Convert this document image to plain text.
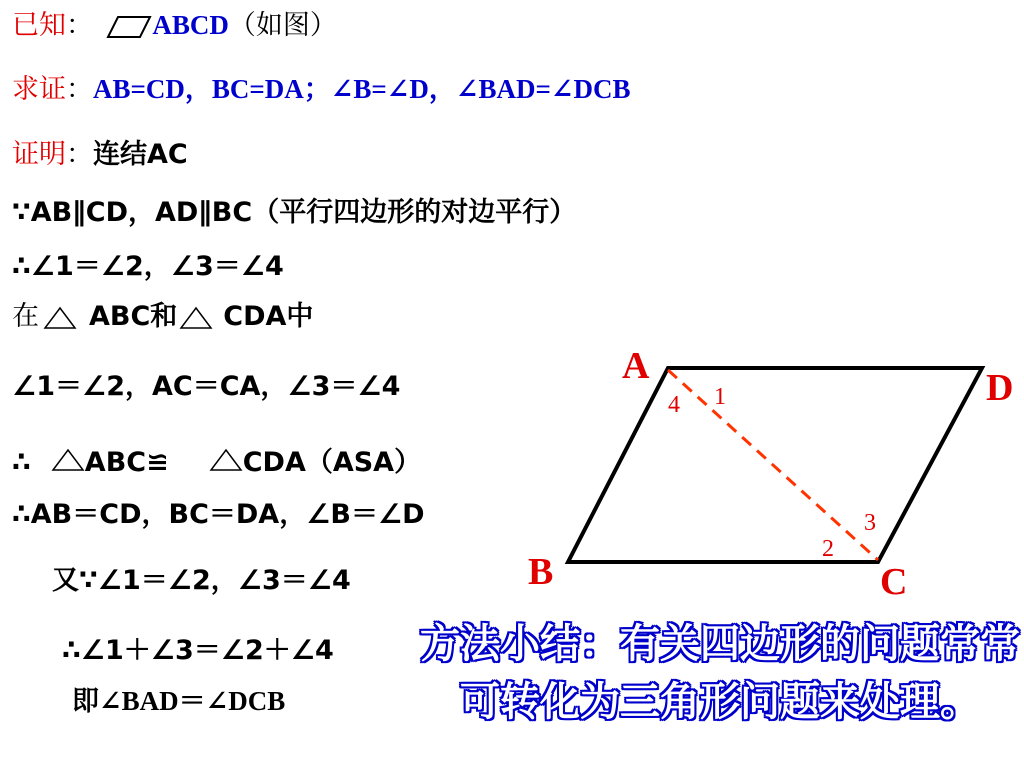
已知： ABCD（如图）
求证：AB=CD，BC=DA；∠B=∠D，∠BAD=∠DCB
证明：连结AC
∵AB∥CD，AD∥BC（平行四边形的对边平行）
∴∠1＝∠2，∠3＝∠4
在 ABC和 CDA中
∠1＝∠2，AC＝CA，∠3＝∠4
∴ ABC≌	CDA（ASA）
∴AB＝CD，BC＝DA，∠B＝∠D
又∵∠1＝∠2，∠3＝∠4
∴∠1＋∠3＝∠2＋∠4
即∠BAD＝∠DCB
A
D
B	C
1
4
3
2
方法小结：有关四边形的问题常常
可转化为三角形问题来处理。
